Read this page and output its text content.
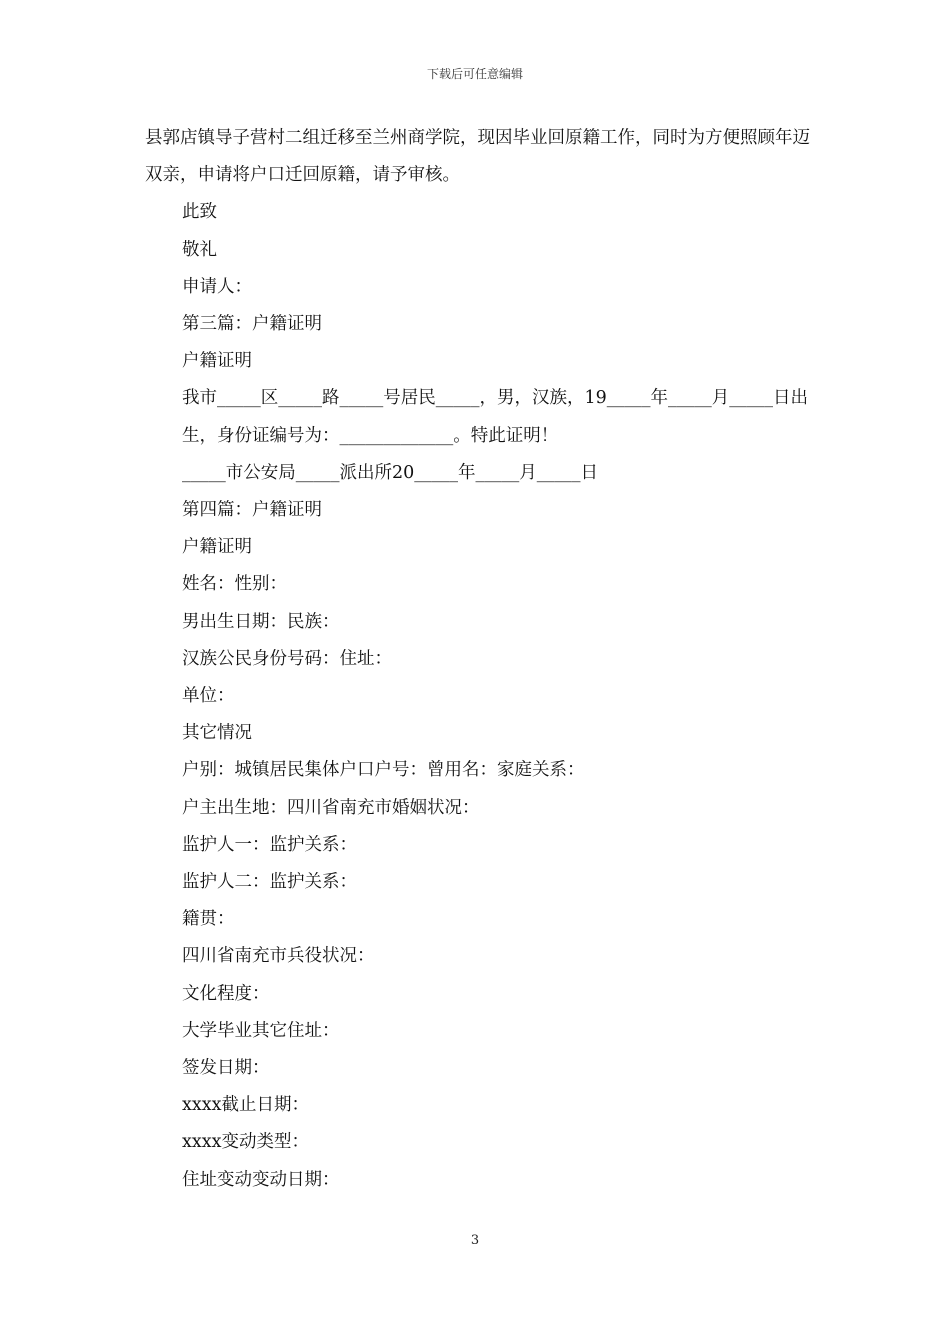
下载后可任意编辑

县郭店镇导子营村二组迁移至兰州商学院，现因毕业回原籍工作，同时为方便照顾年迈双亲，申请将户口迁回原籍，请予审核。

此致

敬礼

申请人：

第三篇：户籍证明

户籍证明

我市_____区_____路_____号居民_____，男，汉族，19_____年_____月_____日出生，身份证编号为：_____________。特此证明！

_____市公安局_____派出所20_____年_____月_____日

第四篇：户籍证明

户籍证明

姓名：性别：

男出生日期：民族：

汉族公民身份号码：住址：

单位：

其它情况

户别：城镇居民集体户口户号：曾用名：家庭关系：

户主出生地：四川省南充市婚姻状况：

监护人一：监护关系：

监护人二：监护关系：

籍贯：

四川省南充市兵役状况：

文化程度：

大学毕业其它住址：

签发日期：

xxxx截止日期：

xxxx变动类型：

住址变动变动日期：

3
